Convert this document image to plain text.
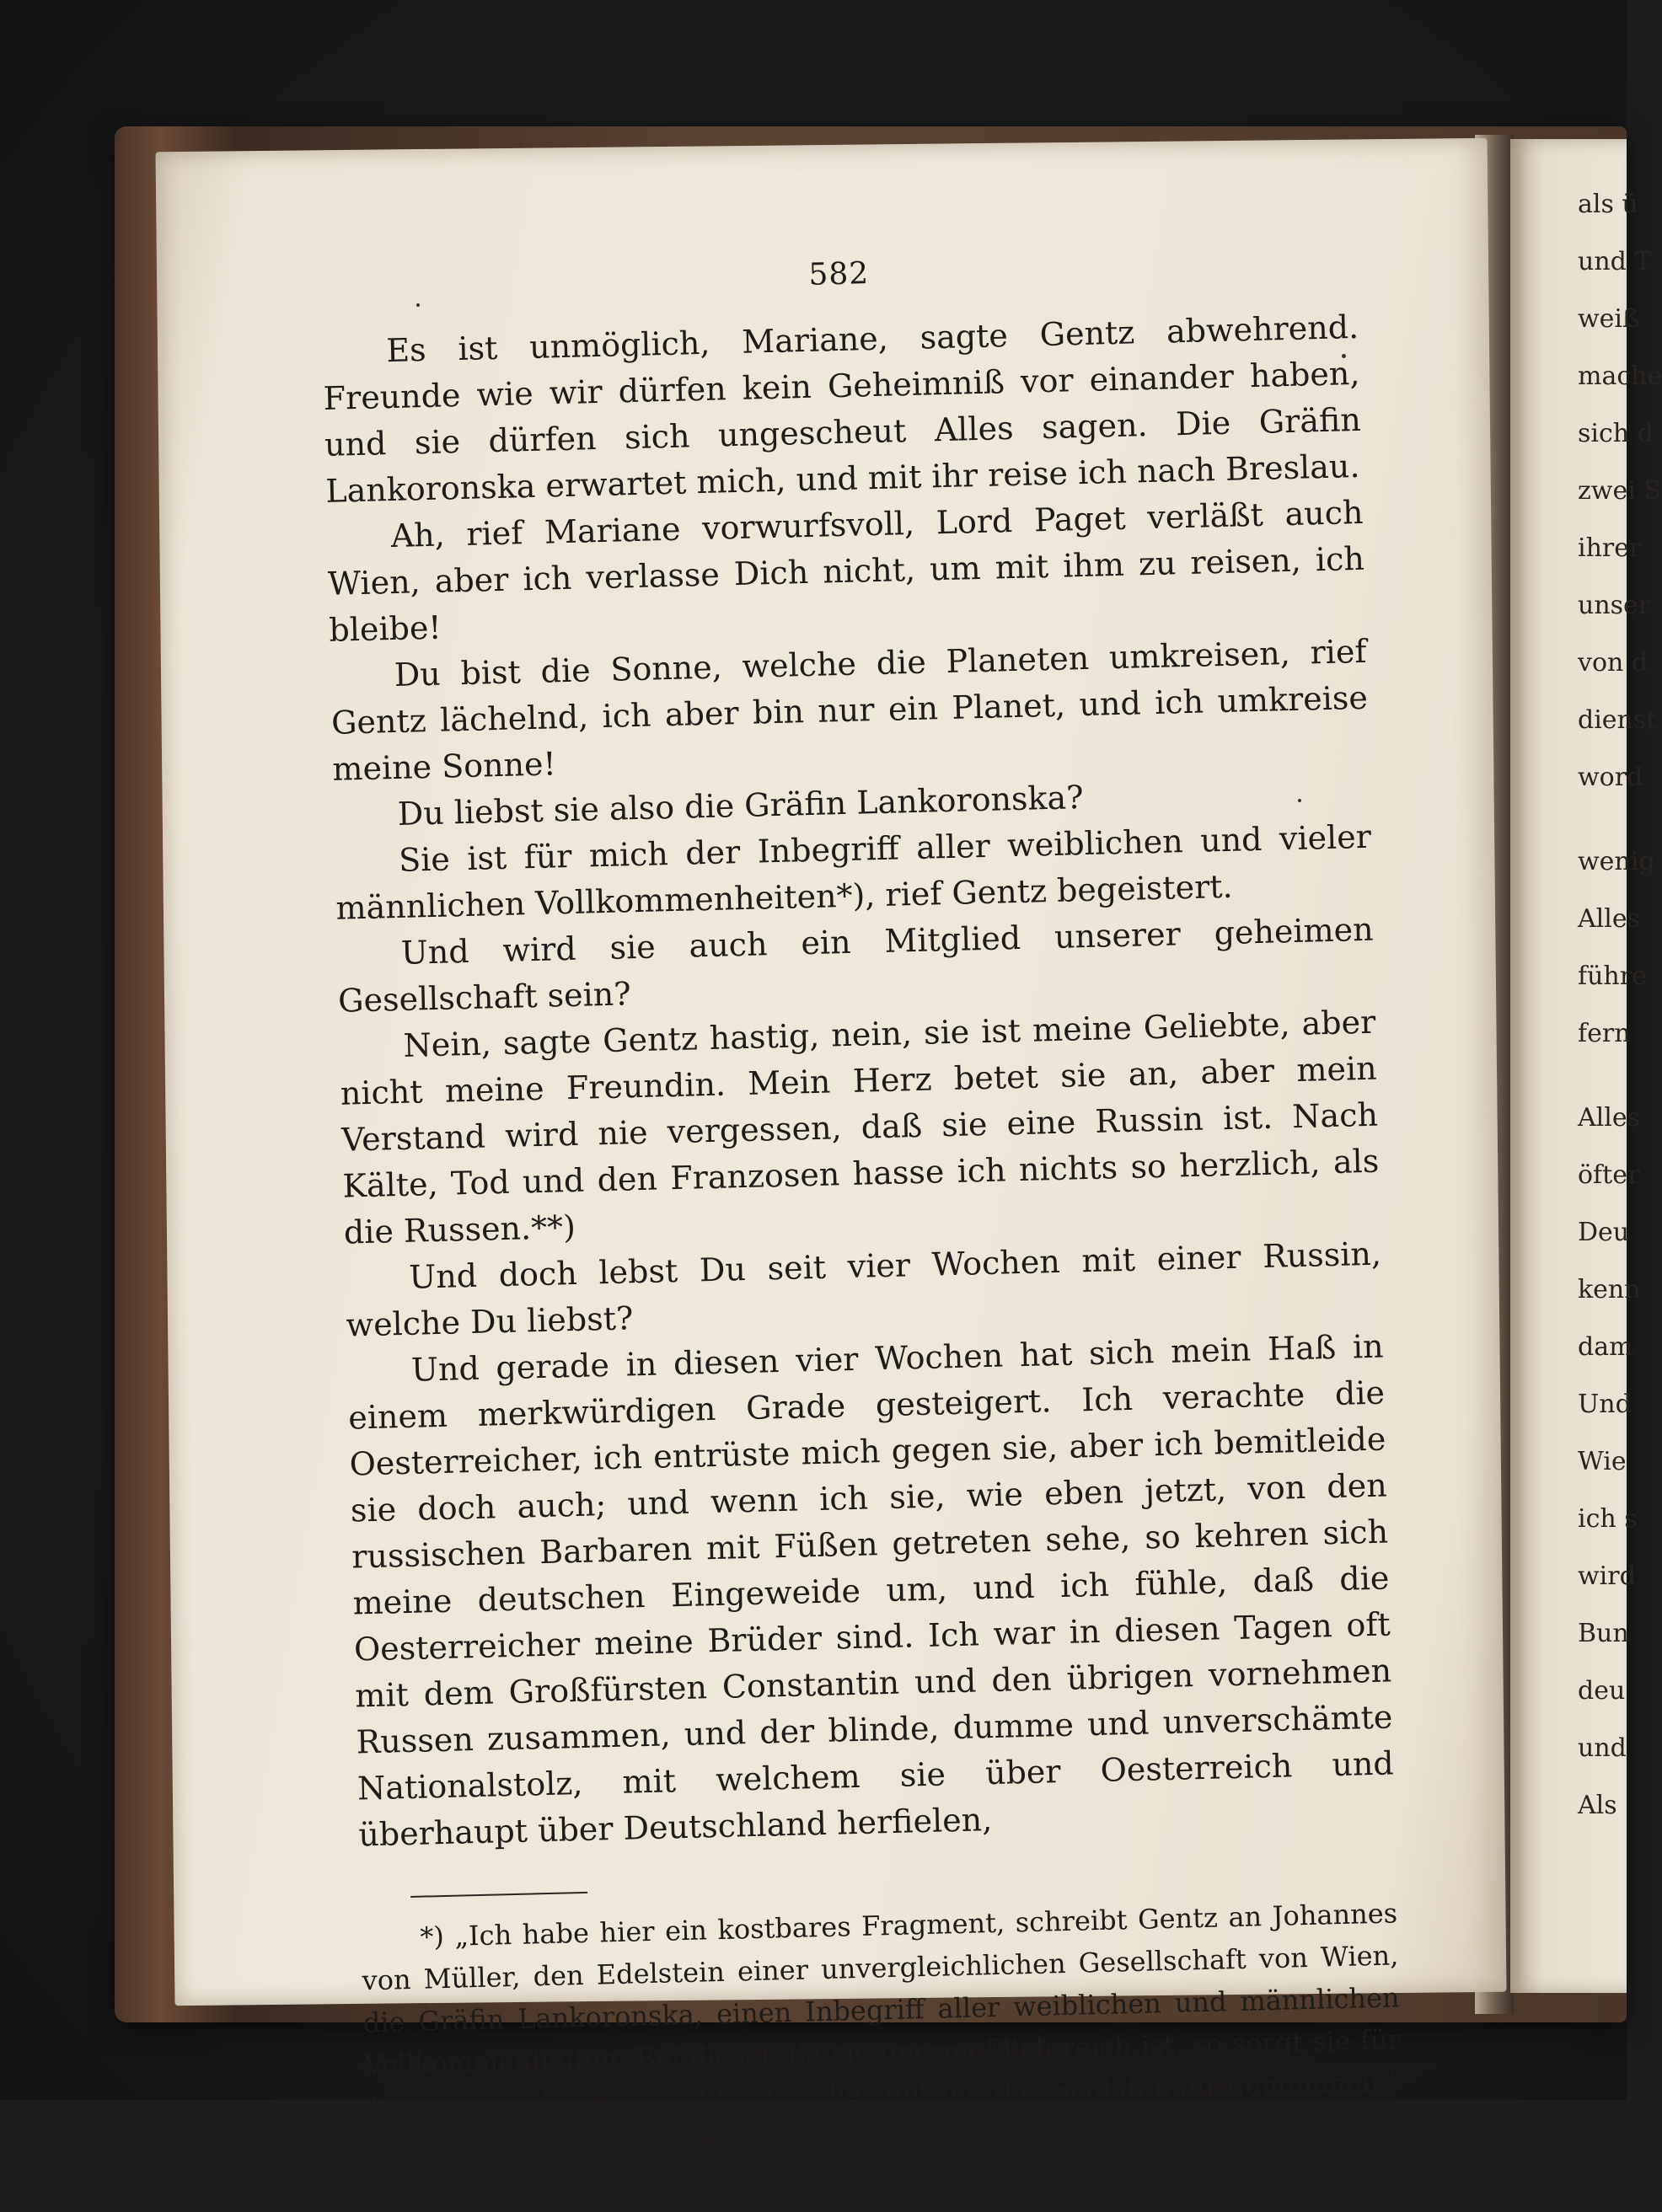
als ü
und T
weiß
mache
sich d
zwei S
ihrer
unser
von d
dienst
word
wenig
Alles
führe
fern
Alles
öfter
Deu
kenn
dam
Und
Wie
ich s
wird
Bun
deu
und
Als
582

Es ist unmöglich, Mariane, sagte Gentz abwehrend. Freunde wie wir dürfen kein Geheimniß vor einander haben, und sie dürfen sich ungescheut Alles sagen. Die Gräfin Lankoronska erwartet mich, und mit ihr reise ich nach Breslau.

Ah, rief Mariane vorwurfsvoll, Lord Paget verläßt auch Wien, aber ich verlasse Dich nicht, um mit ihm zu reisen, ich bleibe!

Du bist die Sonne, welche die Planeten umkreisen, rief Gentz lächelnd, ich aber bin nur ein Planet, und ich umkreise meine Sonne!

Du liebst sie also die Gräfin Lankoronska?

Sie ist für mich der Inbegriff aller weiblichen und vieler männlichen Vollkommenheiten*), rief Gentz begeistert.

Und wird sie auch ein Mitglied unserer geheimen Gesellschaft sein?

Nein, sagte Gentz hastig, nein, sie ist meine Geliebte, aber nicht meine Freundin. Mein Herz betet sie an, aber mein Verstand wird nie vergessen, daß sie eine Russin ist. Nach Kälte, Tod und den Franzosen hasse ich nichts so herzlich, als die Russen.**)

Und doch lebst Du seit vier Wochen mit einer Russin, welche Du liebst?

Und gerade in diesen vier Wochen hat sich mein Haß in einem merkwürdigen Grade gesteigert. Ich verachte die Oesterreicher, ich entrüste mich gegen sie, aber ich bemitleide sie doch auch; und wenn ich sie, wie eben jetzt, von den russischen Barbaren mit Füßen getreten sehe, so kehren sich meine deutschen Eingeweide um, und ich fühle, daß die Oesterreicher meine Brüder sind. Ich war in diesen Tagen oft mit dem Großfürsten Constantin und den übrigen vornehmen Russen zusammen, und der blinde, dumme und unverschämte Nationalstolz, mit welchem sie über Oesterreich und überhaupt über Deutschland herfielen,

*) „Ich habe hier ein kostbares Fragment, schreibt Gentz an Johannes von Müller, den Edelstein einer unvergleichlichen Gesellschaft von Wien, die Gräfin Lankoronska, einen Inbegriff aller weiblichen und männlichen Vollkommenheiten. Bei dieser, da sie unermeßlich reich ist, so sorgt sie für Alles, lebe ich, reise und treibe Alles mit ihr, das Schlafen ausgenommen.“ Siehe: Briefwechsel Seite 167.

**) Gentz's eigene Worte.
